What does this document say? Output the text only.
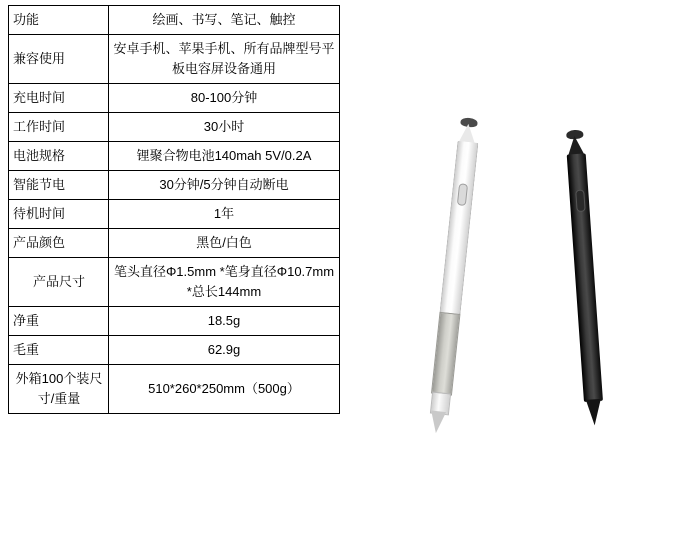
功能	绘画、书写、笔记、触控
兼容使用	安卓手机、苹果手机、所有品牌型号平板电容屏设备通用
充电时间	80-100分钟
工作时间	30小时
电池规格	锂聚合物电池140mah 5V/0.2A
智能节电	30分钟/5分钟自动断电
待机时间	1年
产品颜色	黑色/白色
产品尺寸	笔头直径Φ1.5mm *笔身直径Φ10.7mm *总长144mm
净重	18.5g
毛重	62.9g
外箱100个装尺寸/重量	510*260*250mm（500g）
